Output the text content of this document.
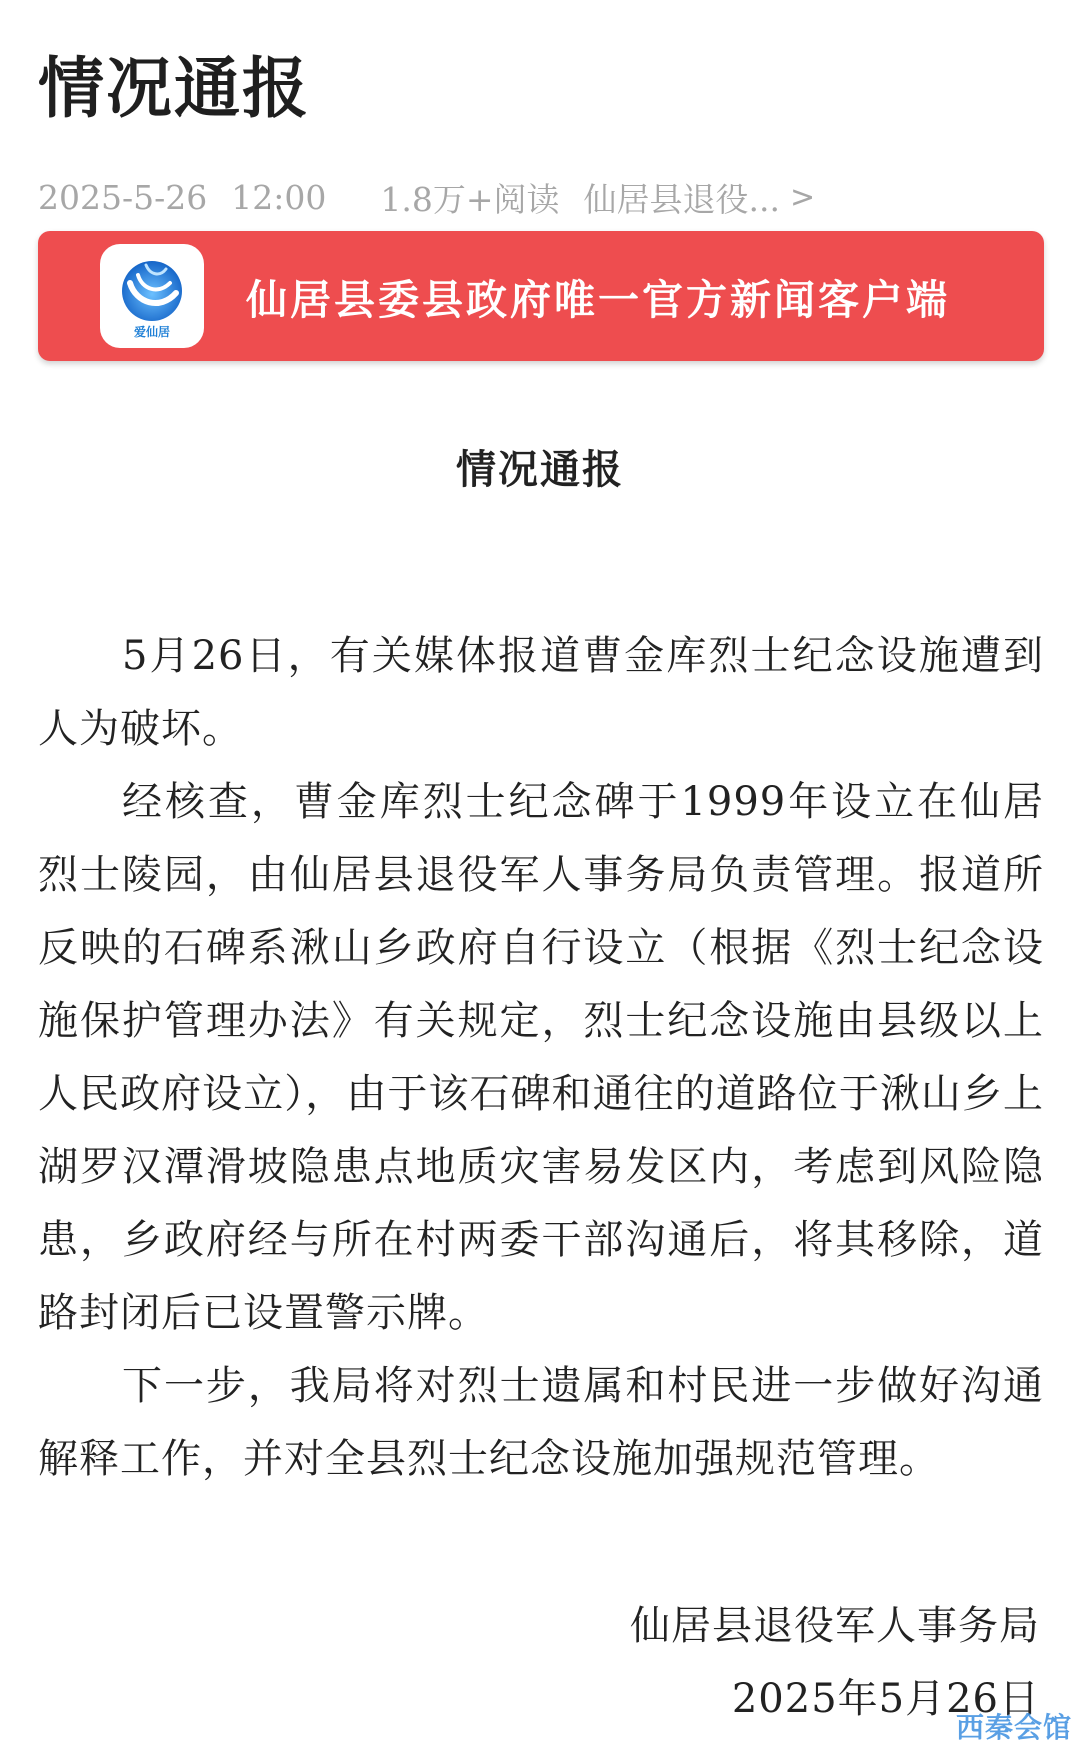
情况通报
2025-5-26 12:00 1.8万+阅读 仙居县退役... >
爱仙居
仙居县委县政府唯一官方新闻客户端
情况通报

5月26日，有关媒体报道曹金库烈士纪念设施遭到人为破坏。

经核查，曹金库烈士纪念碑于1999年设立在仙居烈士陵园，由仙居县退役军人事务局负责管理。报道所反映的石碑系湫山乡政府自行设立（根据《烈士纪念设施保护管理办法》有关规定，烈士纪念设施由县级以上人民政府设立），由于该石碑和通往的道路位于湫山乡上湖罗汉潭滑坡隐患点地质灾害易发区内，考虑到风险隐患，乡政府经与所在村两委干部沟通后，将其移除，道路封闭后已设置警示牌。

下一步，我局将对烈士遗属和村民进一步做好沟通解释工作，并对全县烈士纪念设施加强规范管理。

仙居县退役军人事务局
2025年5月26日
西秦会馆
